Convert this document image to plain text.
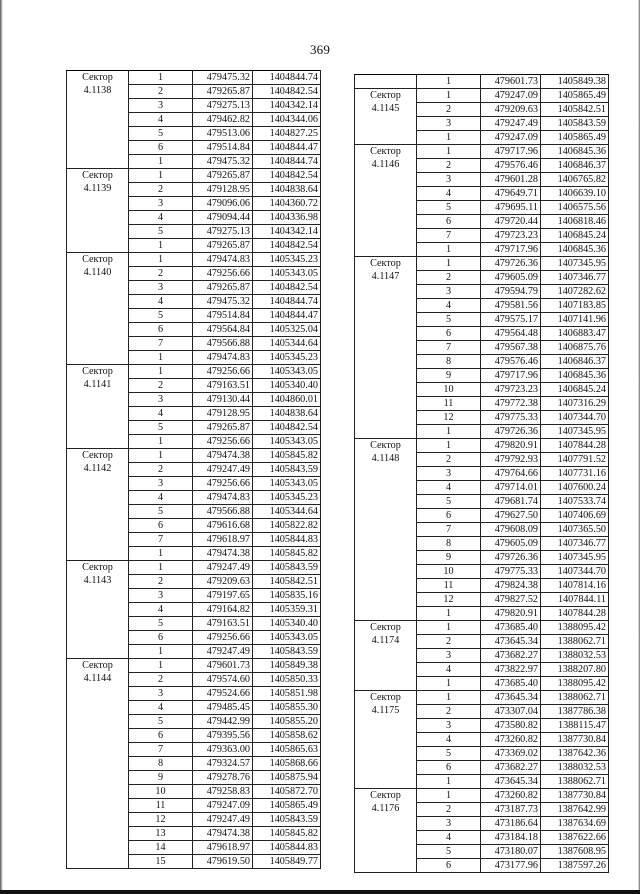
369
Сектор
4.1138	1	479475.32	1404844.74
	2	479265.87	1404842.54
	3	479275.13	1404342.14
	4	479462.82	1404344.06
	5	479513.06	1404827.25
	6	479514.84	1404844.47
	1	479475.32	1404844.74

Сектор
4.1139	1	479265.87	1404842.54
	2	479128.95	1404838.64
	3	479096.06	1404360.72
	4	479094.44	1404336.98
	5	479275.13	1404342.14
	1	479265.87	1404842.54

Сектор
4.1140	1	479474.83	1405345.23
	2	479256.66	1405343.05
	3	479265.87	1404842.54
	4	479475.32	1404844.74
	5	479514.84	1404844.47
	6	479564.84	1405325.04
	7	479566.88	1405344.64
	1	479474.83	1405345.23

Сектор
4.1141	1	479256.66	1405343.05
	2	479163.51	1405340.40
	3	479130.44	1404860.01
	4	479128.95	1404838.64
	5	479265.87	1404842.54
	1	479256.66	1405343.05

Сектор
4.1142	1	479474.38	1405845.82
	2	479247.49	1405843.59
	3	479256.66	1405343.05
	4	479474.83	1405345.23
	5	479566.88	1405344.64
	6	479616.68	1405822.82
	7	479618.97	1405844.83
	1	479474.38	1405845.82

Сектор
4.1143	1	479247.49	1405843.59
	2	479209.63	1405842.51
	3	479197.65	1405835.16
	4	479164.82	1405359.31
	5	479163.51	1405340.40
	6	479256.66	1405343.05
	1	479247.49	1405843.59

Сектор
4.1144	1	479601.73	1405849.38
	2	479574.60	1405850.33
	3	479524.66	1405851.98
	4	479485.45	1405855.30
	5	479442.99	1405855.20
	6	479395.56	1405858.62
	7	479363.00	1405865.63
	8	479324.57	1405868.66
	9	479278.76	1405875.94
	10	479258.83	1405872.70
	11	479247.09	1405865.49
	12	479247.49	1405843.59
	13	479474.38	1405845.82
	14	479618.97	1405844.83
	15	479619.50	1405849.77
	1	479601.73	1405849.38

Сектор
4.1145	1	479247.09	1405865.49
	2	479209.63	1405842.51
	3	479247.49	1405843.59
	1	479247.09	1405865.49

Сектор
4.1146	1	479717.96	1406845.36
	2	479576.46	1406846.37
	3	479601.28	1406765.82
	4	479649.71	1406639.10
	5	479695.11	1406575.56
	6	479720.44	1406818.46
	7	479723.23	1406845.24
	1	479717.96	1406845.36

Сектор
4.1147	1	479726.36	1407345.95
	2	479605.09	1407346.77
	3	479594.79	1407282.62
	4	479581.56	1407183.85
	5	479575.17	1407141.96
	6	479564.48	1406883.47
	7	479567.38	1406875.76
	8	479576.46	1406846.37
	9	479717.96	1406845.36
	10	479723.23	1406845.24
	11	479772.38	1407316.29
	12	479775.33	1407344.70
	1	479726.36	1407345.95

Сектор
4.1148	1	479820.91	1407844.28
	2	479792.93	1407791.52
	3	479764.66	1407731.16
	4	479714.01	1407600.24
	5	479681.74	1407533.74
	6	479627.50	1407406.69
	7	479608.09	1407365.50
	8	479605.09	1407346.77
	9	479726.36	1407345.95
	10	479775.33	1407344.70
	11	479824.38	1407814.16
	12	479827.52	1407844.11
	1	479820.91	1407844.28

Сектор
4.1174	1	473685.40	1388095.42
	2	473645.34	1388062.71
	3	473682.27	1388032.53
	4	473822.97	1388207.80
	1	473685.40	1388095.42

Сектор
4.1175	1	473645.34	1388062.71
	2	473307.04	1387786.38
	3	473580.82	1388115.47
	4	473260.82	1387730.84
	5	473369.02	1387642.36
	6	473682.27	1388032.53
	1	473645.34	1388062.71

Сектор
4.1176	1	473260.82	1387730.84
	2	473187.73	1387642.99
	3	473186.64	1387634.69
	4	473184.18	1387622.66
	5	473180.07	1387608.95
	6	473177.96	1387597.26
